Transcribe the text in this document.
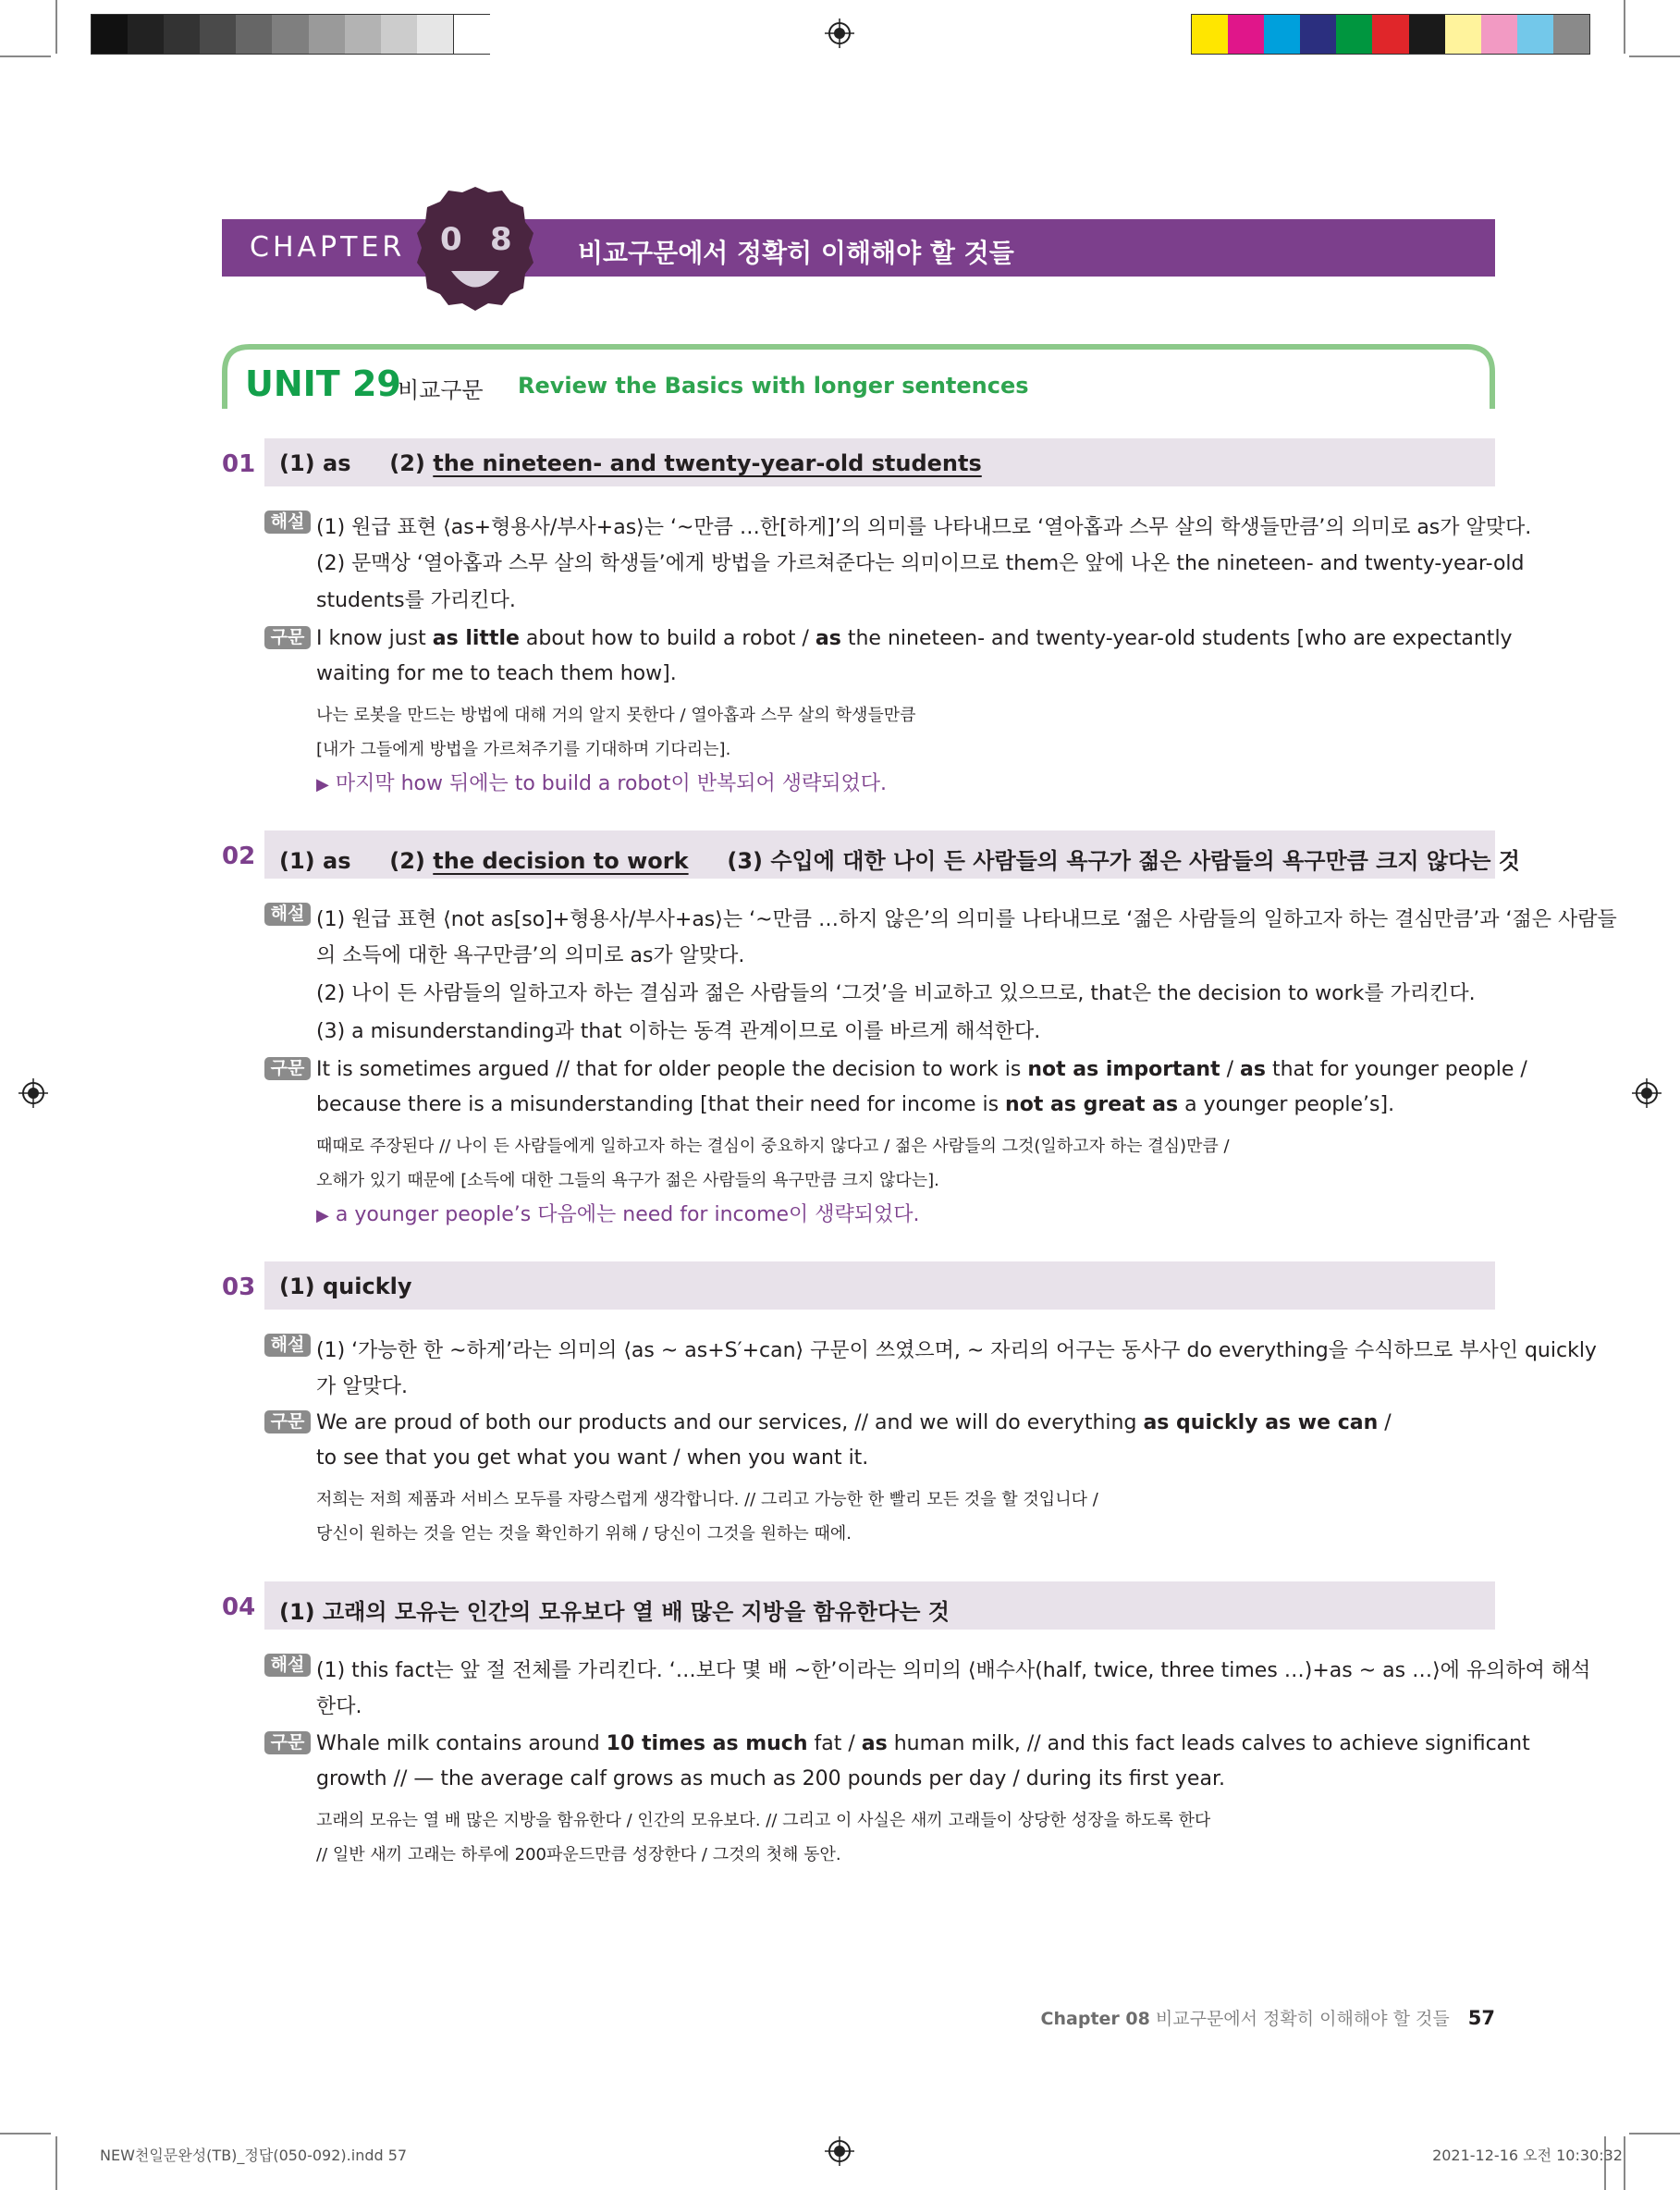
CHAPTER 0 8	비교구문에서 정확히 이해해야 할 것들
UNIT 29
비교구문 Review the Basics with longer sentences
01 (1) as (2) the nineteen- and twenty-year-old students
해설 (1) 원급 표현 ⟨as+형용사/부사+as⟩는 ‘~만큼 …한[하게]’의 의미를 나타내므로 ‘열아홉과 스무 살의 학생들만큼’의 의미로 as가 알맞다.
(2) 문맥상 ‘열아홉과 스무 살의 학생들’에게 방법을 가르쳐준다는 의미이므로 them은 앞에 나온 the nineteen- and twenty-year-old
students를 가리킨다.
구문 I know just as little about how to build a robot / as the nineteen- and twenty-year-old students [who are expectantly
waiting for me to teach them how].
나는 로봇을 만드는 방법에 대해 거의 알지 못한다 / 열아홉과 스무 살의 학생들만큼
[내가 그들에게 방법을 가르쳐주기를 기대하며 기다리는].
▶ 마지막 how 뒤에는 to build a robot이 반복되어 생략되었다.
02 (1) as (2) the decision to work (3) 수입에 대한 나이 든 사람들의 욕구가 젊은 사람들의 욕구만큼 크지 않다는 것
해설 (1) 원급 표현 ⟨not as[so]+형용사/부사+as⟩는 ‘~만큼 …하지 않은’의 의미를 나타내므로 ‘젊은 사람들의 일하고자 하는 결심만큼’과 ‘젊은 사람들
의 소득에 대한 욕구만큼’의 의미로 as가 알맞다.
(2) 나이 든 사람들의 일하고자 하는 결심과 젊은 사람들의 ‘그것’을 비교하고 있으므로, that은 the decision to work를 가리킨다.
(3) a misunderstanding과 that 이하는 동격 관계이므로 이를 바르게 해석한다.
구문 It is sometimes argued // that for older people the decision to work is not as important / as that for younger people /
because there is a misunderstanding [that their need for income is not as great as a younger people’s].
때때로 주장된다 // 나이 든 사람들에게 일하고자 하는 결심이 중요하지 않다고 / 젊은 사람들의 그것(일하고자 하는 결심)만큼 /
오해가 있기 때문에 [소득에 대한 그들의 욕구가 젊은 사람들의 욕구만큼 크지 않다는].
▶ a younger people’s 다음에는 need for income이 생략되었다.
03 (1) quickly
해설 (1) ‘가능한 한 ~하게’라는 의미의 ⟨as ~ as+S′+can⟩ 구문이 쓰였으며, ~ 자리의 어구는 동사구 do everything을 수식하므로 부사인 quickly
가 알맞다.
구문 We are proud of both our products and our services, // and we will do everything as quickly as we can /
to see that you get what you want / when you want it.
저희는 저희 제품과 서비스 모두를 자랑스럽게 생각합니다. // 그리고 가능한 한 빨리 모든 것을 할 것입니다 /
당신이 원하는 것을 얻는 것을 확인하기 위해 / 당신이 그것을 원하는 때에.
04 (1) 고래의 모유는 인간의 모유보다 열 배 많은 지방을 함유한다는 것
해설 (1) this fact는 앞 절 전체를 가리킨다. ‘…보다 몇 배 ~한’이라는 의미의 ⟨배수사(half, twice, three times …)+as ~ as …⟩에 유의하여 해석
한다.
구문 Whale milk contains around 10 times as much fat / as human milk, // and this fact leads calves to achieve significant
growth // — the average calf grows as much as 200 pounds per day / during its first year.
고래의 모유는 열 배 많은 지방을 함유한다 / 인간의 모유보다. // 그리고 이 사실은 새끼 고래들이 상당한 성장을 하도록 한다
// 일반 새끼 고래는 하루에 200파운드만큼 성장한다 / 그것의 첫해 동안.
Chapter 08 비교구문에서 정확히 이해해야 할 것들 57
NEW천일문완성(TB)_정답(050-092).indd 57	2021-12-16 오전 10:30:32
